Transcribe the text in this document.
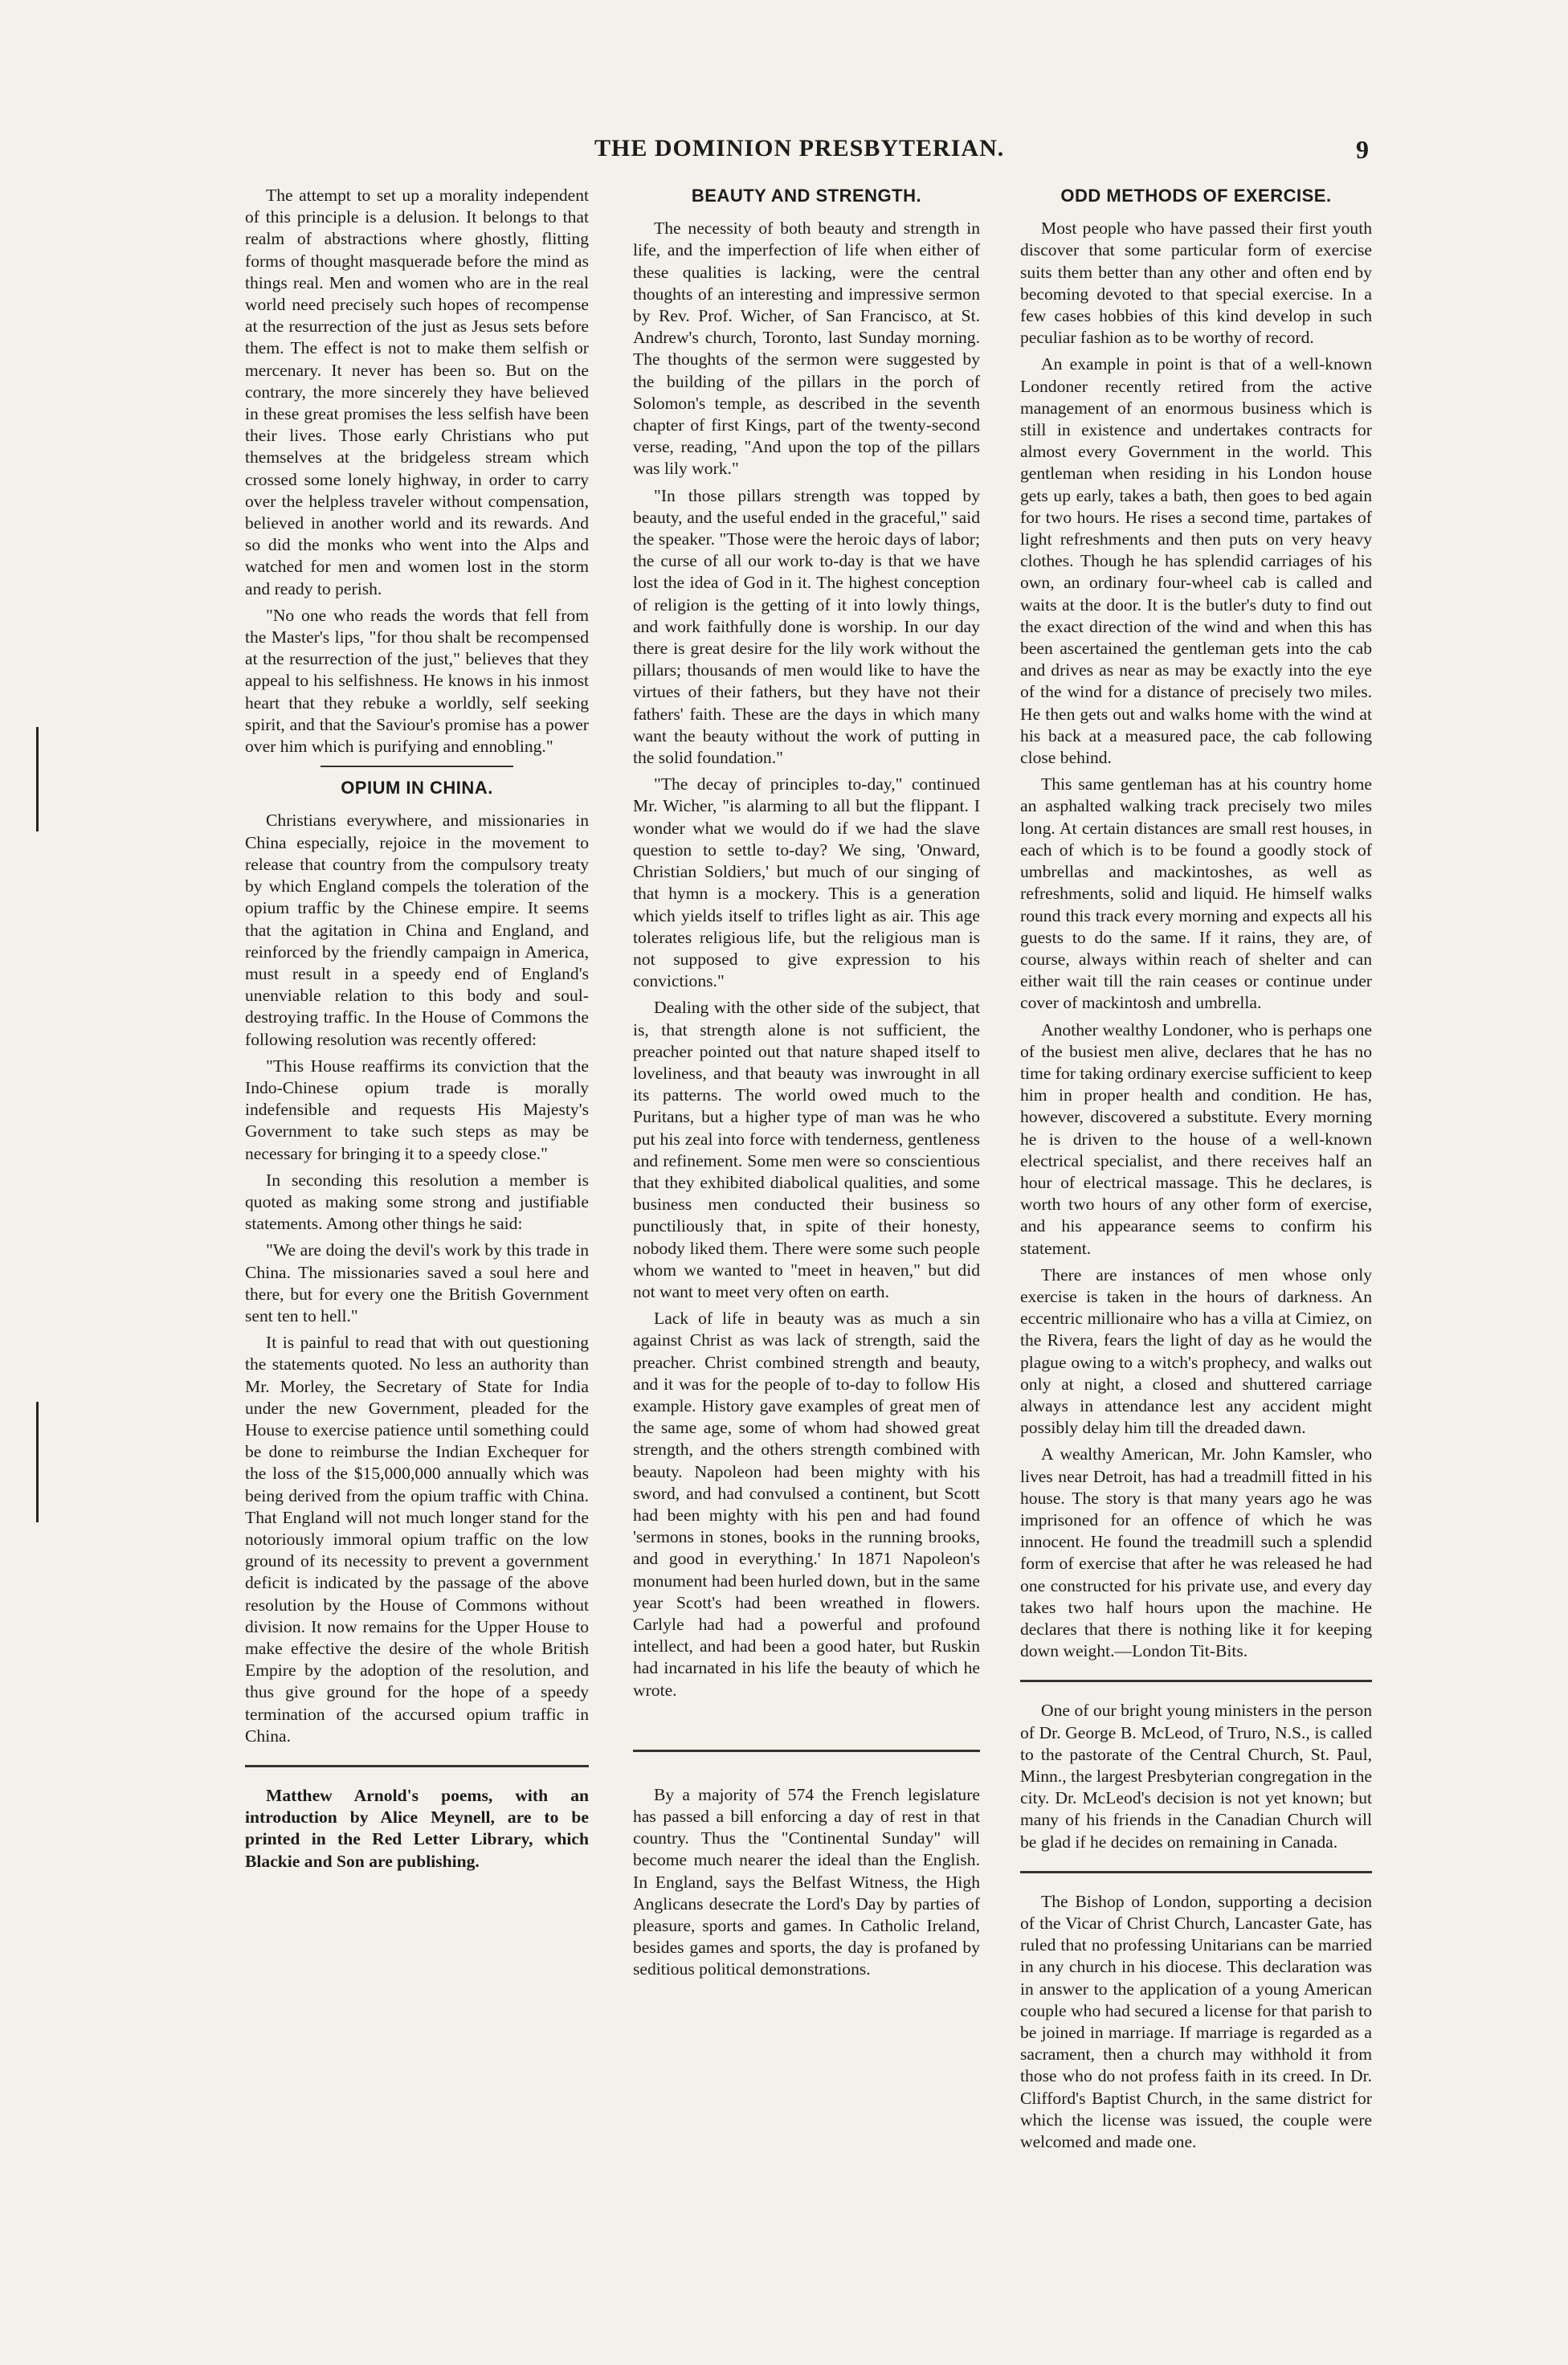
THE DOMINION PRESBYTERIAN.	9

The attempt to set up a morality independent of this principle is a delusion. It belongs to that realm of abstractions where ghostly, flitting forms of thought masquerade before the mind as things real. Men and women who are in the real world need precisely such hopes of recompense at the resurrection of the just as Jesus sets before them. The effect is not to make them selfish or mercenary. It never has been so. But on the contrary, the more sincerely they have believed in these great promises the less selfish have been their lives. Those early Christians who put themselves at the bridgeless stream which crossed some lonely highway, in order to carry over the helpless traveler without compensation, believed in another world and its rewards. And so did the monks who went into the Alps and watched for men and women lost in the storm and ready to perish.

"No one who reads the words that fell from the Master's lips, "for thou shalt be recompensed at the resurrection of the just," believes that they appeal to his selfishness. He knows in his inmost heart that they rebuke a worldly, self seeking spirit, and that the Saviour's promise has a power over him which is purifying and ennobling."

OPIUM IN CHINA.

Christians everywhere, and missionaries in China especially, rejoice in the movement to release that country from the compulsory treaty by which England compels the toleration of the opium traffic by the Chinese empire. It seems that the agitation in China and England, and reinforced by the friendly campaign in America, must result in a speedy end of England's unenviable relation to this body and soul-destroying traffic. In the House of Commons the following resolution was recently offered:

"This House reaffirms its conviction that the Indo-Chinese opium trade is morally indefensible and requests His Majesty's Government to take such steps as may be necessary for bringing it to a speedy close."

In seconding this resolution a member is quoted as making some strong and justifiable statements. Among other things he said:

"We are doing the devil's work by this trade in China. The missionaries saved a soul here and there, but for every one the British Government sent ten to hell."

It is painful to read that with out questioning the statements quoted. No less an authority than Mr. Morley, the Secretary of State for India under the new Government, pleaded for the House to exercise patience until something could be done to reimburse the Indian Exchequer for the loss of the $15,000,000 annually which was being derived from the opium traffic with China. That England will not much longer stand for the notoriously immoral opium traffic on the low ground of its necessity to prevent a government deficit is indicated by the passage of the above resolution by the House of Commons without division. It now remains for the Upper House to make effective the desire of the whole British Empire by the adoption of the resolution, and thus give ground for the hope of a speedy termination of the accursed opium traffic in China.

Matthew Arnold's poems, with an introduction by Alice Meynell, are to be printed in the Red Letter Library, which Blackie and Son are publishing.

BEAUTY AND STRENGTH.

The necessity of both beauty and strength in life, and the imperfection of life when either of these qualities is lacking, were the central thoughts of an interesting and impressive sermon by Rev. Prof. Wicher, of San Francisco, at St. Andrew's church, Toronto, last Sunday morning. The thoughts of the sermon were suggested by the building of the pillars in the porch of Solomon's temple, as described in the seventh chapter of first Kings, part of the twenty-second verse, reading, "And upon the top of the pillars was lily work."

"In those pillars strength was topped by beauty, and the useful ended in the graceful," said the speaker. "Those were the heroic days of labor; the curse of all our work to-day is that we have lost the idea of God in it. The highest conception of religion is the getting of it into lowly things, and work faithfully done is worship. In our day there is great desire for the lily work without the pillars; thousands of men would like to have the virtues of their fathers, but they have not their fathers' faith. These are the days in which many want the beauty without the work of putting in the solid foundation."

"The decay of principles to-day," continued Mr. Wicher, "is alarming to all but the flippant. I wonder what we would do if we had the slave question to settle to-day? We sing, 'Onward, Christian Soldiers,' but much of our singing of that hymn is a mockery. This is a generation which yields itself to trifles light as air. This age tolerates religious life, but the religious man is not supposed to give expression to his convictions."

Dealing with the other side of the subject, that is, that strength alone is not sufficient, the preacher pointed out that nature shaped itself to loveliness, and that beauty was inwrought in all its patterns. The world owed much to the Puritans, but a higher type of man was he who put his zeal into force with tenderness, gentleness and refinement. Some men were so conscientious that they exhibited diabolical qualities, and some business men conducted their business so punctiliously that, in spite of their honesty, nobody liked them. There were some such people whom we wanted to "meet in heaven," but did not want to meet very often on earth.

Lack of life in beauty was as much a sin against Christ as was lack of strength, said the preacher. Christ combined strength and beauty, and it was for the people of to-day to follow His example. History gave examples of great men of the same age, some of whom had showed great strength, and the others strength combined with beauty. Napoleon had been mighty with his sword, and had convulsed a continent, but Scott had been mighty with his pen and had found 'sermons in stones, books in the running brooks, and good in everything.' In 1871 Napoleon's monument had been hurled down, but in the same year Scott's had been wreathed in flowers. Carlyle had had a powerful and profound intellect, and had been a good hater, but Ruskin had incarnated in his life the beauty of which he wrote.

By a majority of 574 the French legislature has passed a bill enforcing a day of rest in that country. Thus the "Continental Sunday" will become much nearer the ideal than the English. In England, says the Belfast Witness, the High Anglicans desecrate the Lord's Day by parties of pleasure, sports and games. In Catholic Ireland, besides games and sports, the day is profaned by seditious political demonstrations.

ODD METHODS OF EXERCISE.

Most people who have passed their first youth discover that some particular form of exercise suits them better than any other and often end by becoming devoted to that special exercise. In a few cases hobbies of this kind develop in such peculiar fashion as to be worthy of record.

An example in point is that of a well-known Londoner recently retired from the active management of an enormous business which is still in existence and undertakes contracts for almost every Government in the world. This gentleman when residing in his London house gets up early, takes a bath, then goes to bed again for two hours. He rises a second time, partakes of light refreshments and then puts on very heavy clothes. Though he has splendid carriages of his own, an ordinary four-wheel cab is called and waits at the door. It is the butler's duty to find out the exact direction of the wind and when this has been ascertained the gentleman gets into the cab and drives as near as may be exactly into the eye of the wind for a distance of precisely two miles. He then gets out and walks home with the wind at his back at a measured pace, the cab following close behind.

This same gentleman has at his country home an asphalted walking track precisely two miles long. At certain distances are small rest houses, in each of which is to be found a goodly stock of umbrellas and mackintoshes, as well as refreshments, solid and liquid. He himself walks round this track every morning and expects all his guests to do the same. If it rains, they are, of course, always within reach of shelter and can either wait till the rain ceases or continue under cover of mackintosh and umbrella.

Another wealthy Londoner, who is perhaps one of the busiest men alive, declares that he has no time for taking ordinary exercise sufficient to keep him in proper health and condition. He has, however, discovered a substitute. Every morning he is driven to the house of a well-known electrical specialist, and there receives half an hour of electrical massage. This he declares, is worth two hours of any other form of exercise, and his appearance seems to confirm his statement.

There are instances of men whose only exercise is taken in the hours of darkness. An eccentric millionaire who has a villa at Cimiez, on the Rivera, fears the light of day as he would the plague owing to a witch's prophecy, and walks out only at night, a closed and shuttered carriage always in attendance lest any accident might possibly delay him till the dreaded dawn.

A wealthy American, Mr. John Kamsler, who lives near Detroit, has had a treadmill fitted in his house. The story is that many years ago he was imprisoned for an offence of which he was innocent. He found the treadmill such a splendid form of exercise that after he was released he had one constructed for his private use, and every day takes two half hours upon the machine. He declares that there is nothing like it for keeping down weight.—London Tit-Bits.

One of our bright young ministers in the person of Dr. George B. McLeod, of Truro, N.S., is called to the pastorate of the Central Church, St. Paul, Minn., the largest Presbyterian congregation in the city. Dr. McLeod's decision is not yet known; but many of his friends in the Canadian Church will be glad if he decides on remaining in Canada.

The Bishop of London, supporting a decision of the Vicar of Christ Church, Lancaster Gate, has ruled that no professing Unitarians can be married in any church in his diocese. This declaration was in answer to the application of a young American couple who had secured a license for that parish to be joined in marriage. If marriage is regarded as a sacrament, then a church may withhold it from those who do not profess faith in its creed. In Dr. Clifford's Baptist Church, in the same district for which the license was issued, the couple were welcomed and made one.
